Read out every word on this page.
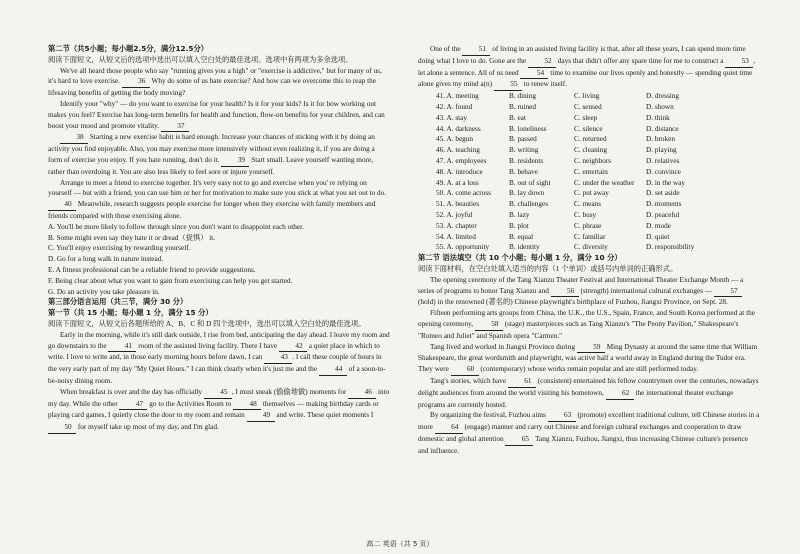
第二节（共5小题；每小题2.5分，满分12.5分）

阅读下面短文，从短文后的选项中选出可以填入空白处的最佳选项。选项中有两项为多余选项。

We've all heard those people who say "running gives you a high" or "exercise is addictive," but for many of us, it's hard to love exercise.	36 Why do some of us hate exercise? And how can we overcome this to reap the lifesaving benefits of getting the body moving?

Identify your "why" — do you want to exercise for your health? Is it for your kids? Is it for how working out makes you feel? Exercise has long-term benefits for health and function, flow-on benefits for your children, and can boost your mood and promote vitality.	37

38 Starting a new exercise habit is hard enough. Increase your chances of sticking with it by doing an activity you find enjoyable. Also, you may exercise more intensively without even realizing it, if you are doing a form of exercise you enjoy. If you hate running, don't do it.	39 Start small. Leave yourself wanting more, rather than overdoing it. You are also less likely to feel sore or injure yourself.

Arrange to meet a friend to exercise together. It's very easy not to go and exercise when you' re relying on yourself — but with a friend, you can use him or her for motivation to make sure you stick at what you set out to do. 40 Meanwhile, research suggests people exercise for longer when they exercise with family members and friends compared with those exercising alone.

A. You'll be more likely to follow through since you don't want to disappoint each other.

B. Some might even say they hate it or dread（捉惧） it.

C. You'll enjoy exercising by rewarding yourself.

D. Go for a long walk in nature instead.

E. A fitness professional can be a reliable friend to provide suggestions.

F. Being clear about what you want to gain from exercising can help you get started.

G. Do an activity you take pleasure in.

第三部分语言运用（共三节，满分 30 分）

第一节（共 15 小题；每小题 1 分，满分 15 分）

阅读下面短文，从短文后各题所给的 A、B、C 和 D 四个选项中，选出可以填入空白处的最佳选项。

Early in the morning, while it's still dark outside, I rise from bed, anticipating the day ahead. I leave my room and go downstairs to the	41 room of the assisted living facility. There I have	42 a quiet place in which to write. I love to write and, in those early morning hours before dawn, I can	43 . I call these couple of hours in the very early part of my day "My Quiet Hours." I can think clearly when it's just me and the	44 of a soon-to-be-noisy dining room.

When breakfast is over and the day has officially	45 , I must sneak (偷偷地做) moments for	46 into my day. While the other	47 go to the Activities Room to	48 themselves — making birthday cards or playing card games, I quietly close the door to my room and remain	49 and write. These quiet moments I 50 for myself take up most of my day, and I'm glad.

One of the	51 of living in an assisted living facility is that, after all these years, I can spend more time doing what I love to do. Gone are the	52 days that didn't offer any spare time for me to construct a	53 , let alone a sentence. All of us need	54 time to examine our lives openly and honestly — spending quiet time alone gives my mind a(n)	55 to renew itself.

41. A. meeting	B. dining	C. living	D. dressing
42. A. found	B. ruined	C. sensed	D. shown
43. A. stay	B. eat	C. sleep	D. think
44. A. darkness	B. loneliness	C. silence	D. distance
45. A. begun	B. passed	C. returned	D. broken
46. A. teaching	B. writing	C. cleaning	D. playing
47. A. employees	B. residents	C. neighbors	D. relatives
48. A. introduce	B. behave	C. entertain	D. convince
49. A. at a loss	B. out of sight	C. under the weather	D. in the way
50. A. come across	B. lay down	C. put away	D. set aside
51. A. beauties	B. challenges	C. means	D. moments
52. A. joyful	B. lazy	C. busy	D. peaceful
53. A. chapter	B. plot	C. phrase	D. mode
54. A. limited	B. equal	C. familiar	D. quiet
55. A. opportunity	B. identity	C. diversity	D. responsibility

第二节 语法填空（共 10 个小题；每小题 1 分，满分 10 分）

阅读下面材料，在空白处填入适当的内容（1 个单词）或括号内单词的正确形式。

The opening ceremony of the Tang Xianzu Theater Festival and International Theater Exchange Month — a series of programs to honor Tang Xianzu and	56 (strength) international cultural exchanges —	57 (hold) in the renowned (著名的) Chinese playwright's birthplace of Fuzhou, Jiangxi Province, on Sept. 28.

Fifteen performing arts groups from China, the U.K., the U.S., Spain, France, and South Korea performed at the opening ceremony,	58 (stage) masterpieces such as Tang Xianzu's "The Peony Pavilion," Shakespeare's "Romeo and Juliet" and Spanish opera "Carmen."

Tang lived and worked in Jiangxi Province during	59 Ming Dynasty at around the same time that William Shakespeare, the great wordsmith and playwright, was active half a world away in England during the Tudor era. They were	60 (contemporary) whose works remain popular and are still performed today.

Tang's stories, which have	61 (consistent) entertained his fellow countrymen over the centuries, nowadays delight audiences from around the world visiting his hometown,	62 the international theater exchange programs are currently hosted.

By organizing the festival, Fuzhou aims	63 (promote) excellent traditional culture, tell Chinese stories in a more	64 (engage) manner and carry out Chinese and foreign cultural exchanges and cooperation to draw domestic and global attention	65 Tang Xianzu, Fuzhou, Jiangxi, thus increasing Chinese culture's presence and influence.

高二 英语（共 5 页）
